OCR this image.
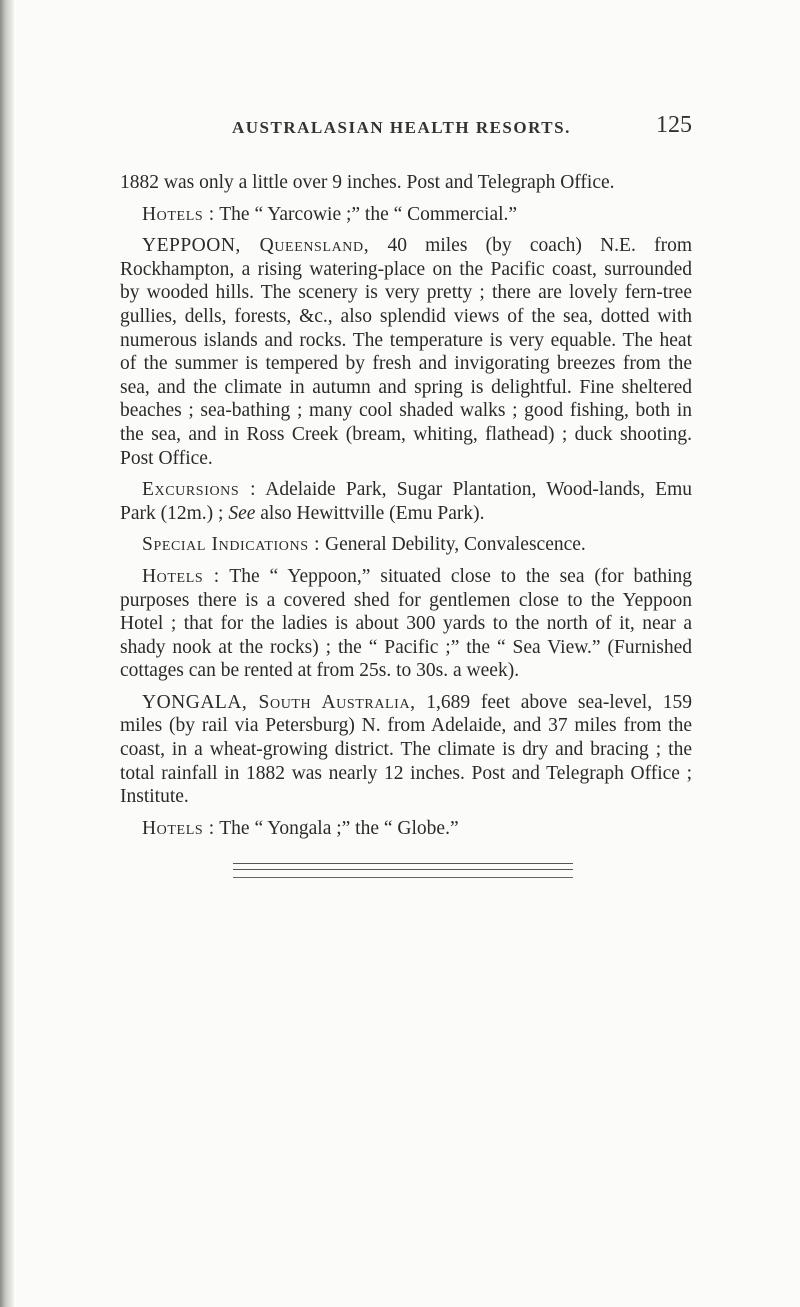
AUSTRALASIAN HEALTH RESORTS.	125

1882 was only a little over 9 inches. Post and Telegraph Office.

Hotels : The “ Yarcowie ;” the “ Commercial.”

YEPPOON, Queensland, 40 miles (by coach) N.E. from Rockhampton, a rising watering-place on the Pacific coast, surrounded by wooded hills. The scenery is very pretty ; there are lovely fern-tree gullies, dells, forests, &c., also splendid views of the sea, dotted with numerous islands and rocks. The temperature is very equable. The heat of the summer is tempered by fresh and invigorating breezes from the sea, and the climate in autumn and spring is delightful. Fine sheltered beaches ; sea-bathing ; many cool shaded walks ; good fishing, both in the sea, and in Ross Creek (bream, whiting, flathead) ; duck shooting. Post Office.

Excursions : Adelaide Park, Sugar Plantation, Wood-lands, Emu Park (12m.) ; See also Hewittville (Emu Park).

Special Indications : General Debility, Convalescence.

Hotels : The “ Yeppoon,” situated close to the sea (for bathing purposes there is a covered shed for gentlemen close to the Yeppoon Hotel ; that for the ladies is about 300 yards to the north of it, near a shady nook at the rocks) ; the “ Pacific ;” the “ Sea View.” (Furnished cottages can be rented at from 25s. to 30s. a week).

YONGALA, South Australia, 1,689 feet above sea-level, 159 miles (by rail via Petersburg) N. from Adelaide, and 37 miles from the coast, in a wheat-growing district. The climate is dry and bracing ; the total rainfall in 1882 was nearly 12 inches. Post and Telegraph Office ; Institute.

Hotels : The “ Yongala ;” the “ Globe.”
